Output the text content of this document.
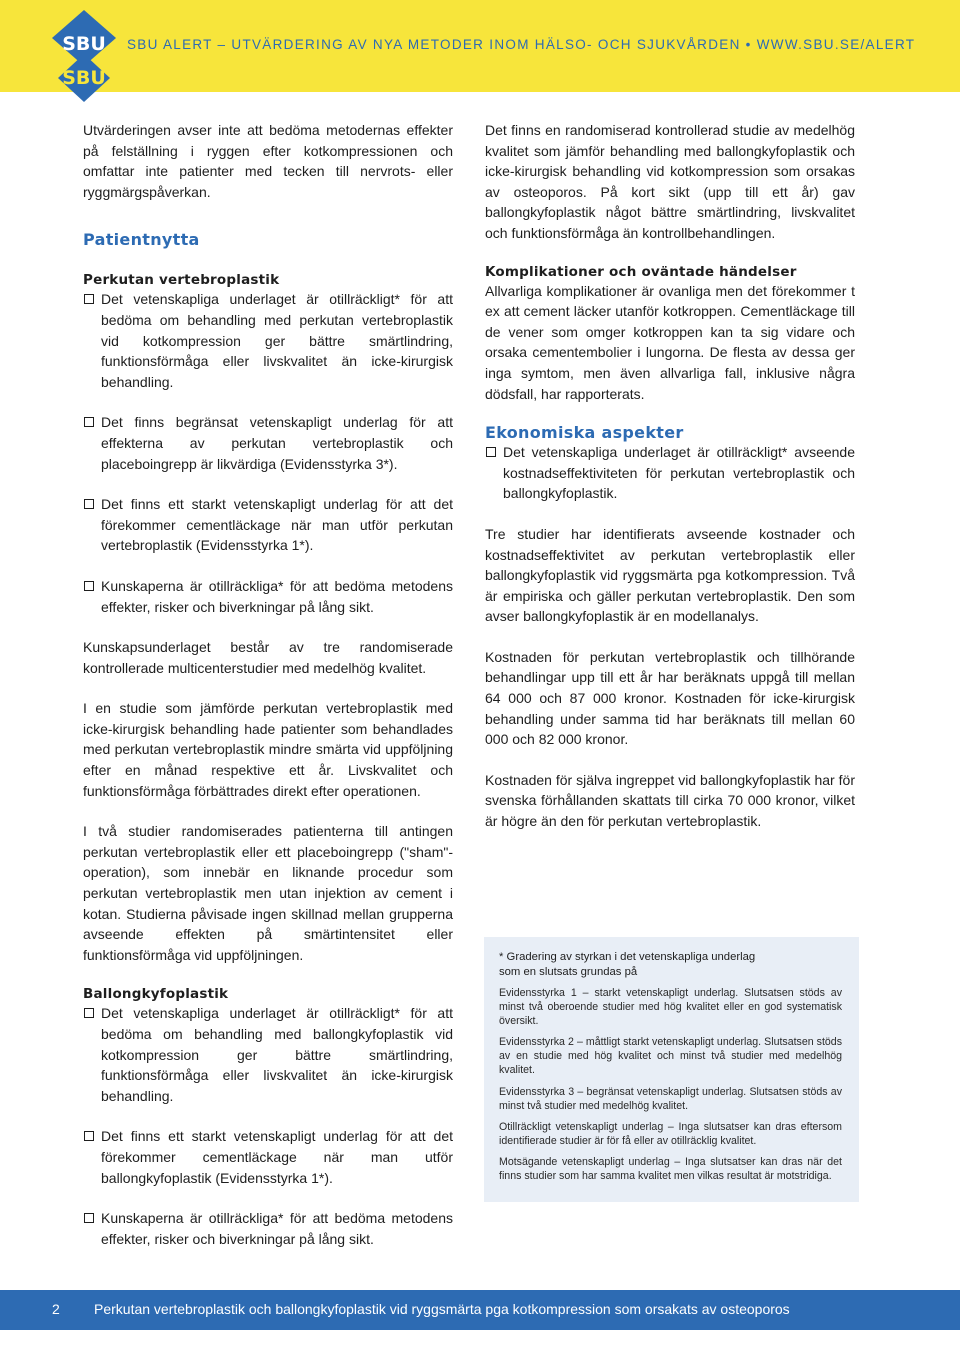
SBU
SBU
SBU ALERT – UTVÄRDERING AV NYA METODER INOM HÄLSO- OCH SJUKVÅRDEN • WWW.SBU.SE/ALERT

Utvärderingen avser inte att bedöma metodernas effekter på felställning i ryggen efter kotkompressionen och omfattar inte patienter med tecken till nervrots- eller ryggmärgspåverkan.

Patientnytta
Perkutan vertebroplastik

Det vetenskapliga underlaget är otillräckligt* för att bedöma om behandling med perkutan vertebroplastik vid kotkompression ger bättre smärtlindring, funktionsförmåga eller livskvalitet än icke-kirurgisk behandling.

Det finns begränsat vetenskapligt underlag för att effekterna av perkutan vertebroplastik och placeboingrepp är likvärdiga (Evidensstyrka 3*).

Det finns ett starkt vetenskapligt underlag för att det förekommer cementläckage när man utför perkutan vertebroplastik (Evidensstyrka 1*).

Kunskaperna är otillräckliga* för att bedöma metodens effekter, risker och biverkningar på lång sikt.

Kunskapsunderlaget består av tre randomiserade kontrollerade multicenterstudier med medelhög kvalitet.

I en studie som jämförde perkutan vertebroplastik med icke-kirurgisk behandling hade patienter som behandlades med perkutan vertebroplastik mindre smärta vid uppföljning efter en månad respektive ett år. Livskvalitet och funktionsförmåga förbättrades direkt efter operationen.

I två studier randomiserades patienterna till antingen perkutan vertebroplastik eller ett placeboingrepp ("sham"-operation), som innebär en liknande procedur som perkutan vertebroplastik men utan injektion av cement i kotan. Studierna påvisade ingen skillnad mellan grupperna avseende effekten på smärtintensitet eller funktionsförmåga vid uppföljningen.

Ballongkyfoplastik

Det vetenskapliga underlaget är otillräckligt* för att bedöma om behandling med ballongkyfoplastik vid kotkompression ger bättre smärtlindring, funktionsförmåga eller livskvalitet än icke-kirurgisk behandling.

Det finns ett starkt vetenskapligt underlag för att det förekommer cementläckage när man utför ballongkyfoplastik (Evidensstyrka 1*).

Kunskaperna är otillräckliga* för att bedöma metodens effekter, risker och biverkningar på lång sikt.

Det finns en randomiserad kontrollerad studie av medelhög kvalitet som jämför behandling med ballongkyfoplastik och icke-kirurgisk behandling vid kotkompression som orsakas av osteoporos. På kort sikt (upp till ett år) gav ballongkyfoplastik något bättre smärtlindring, livskvalitet och funktionsförmåga än kontrollbehandlingen.

Komplikationer och oväntade händelser

Allvarliga komplikationer är ovanliga men det förekommer t ex att cement läcker utanför kotkroppen. Cementläckage till de vener som omger kotkroppen kan ta sig vidare och orsaka cementembolier i lungorna. De flesta av dessa ger inga symtom, men även allvarliga fall, inklusive några dödsfall, har rapporterats.

Ekonomiska aspekter

Det vetenskapliga underlaget är otillräckligt* avseende kostnadseffektiviteten för perkutan vertebroplastik och ballongkyfoplastik.

Tre studier har identifierats avseende kostnader och kostnadseffektivitet av perkutan vertebroplastik eller ballongkyfoplastik vid ryggsmärta pga kotkompression. Två är empiriska och gäller perkutan vertebroplastik. Den som avser ballongkyfoplastik är en modellanalys.

Kostnaden för perkutan vertebroplastik och tillhörande behandlingar upp till ett år har beräknats uppgå till mellan 64 000 och 87 000 kronor. Kostnaden för icke-kirurgisk behandling under samma tid har beräknats till mellan 60 000 och 82 000 kronor.

Kostnaden för själva ingreppet vid ballongkyfoplastik har för svenska förhållanden skattats till cirka 70 000 kronor, vilket är högre än den för perkutan vertebroplastik.

* Gradering av styrkan i det vetenskapliga underlag
som en slutsats grundas på
Evidensstyrka 1 – starkt vetenskapligt underlag. Slutsatsen stöds av minst två oberoende studier med hög kvalitet eller en god systematisk översikt.
Evidensstyrka 2 – måttligt starkt vetenskapligt underlag. Slutsatsen stöds av en studie med hög kvalitet och minst två studier med medelhög kvalitet.
Evidensstyrka 3 – begränsat vetenskapligt underlag. Slutsatsen stöds av minst två studier med medelhög kvalitet.
Otillräckligt vetenskapligt underlag – Inga slutsatser kan dras eftersom identifierade studier är för få eller av otillräcklig kvalitet.
Motsägande vetenskapligt underlag – Inga slutsatser kan dras när det finns studier som har samma kvalitet men vilkas resultat är motstridiga.
2 Perkutan vertebroplastik och ballongkyfoplastik vid ryggsmärta pga kotkompression som orsakats av osteoporos
